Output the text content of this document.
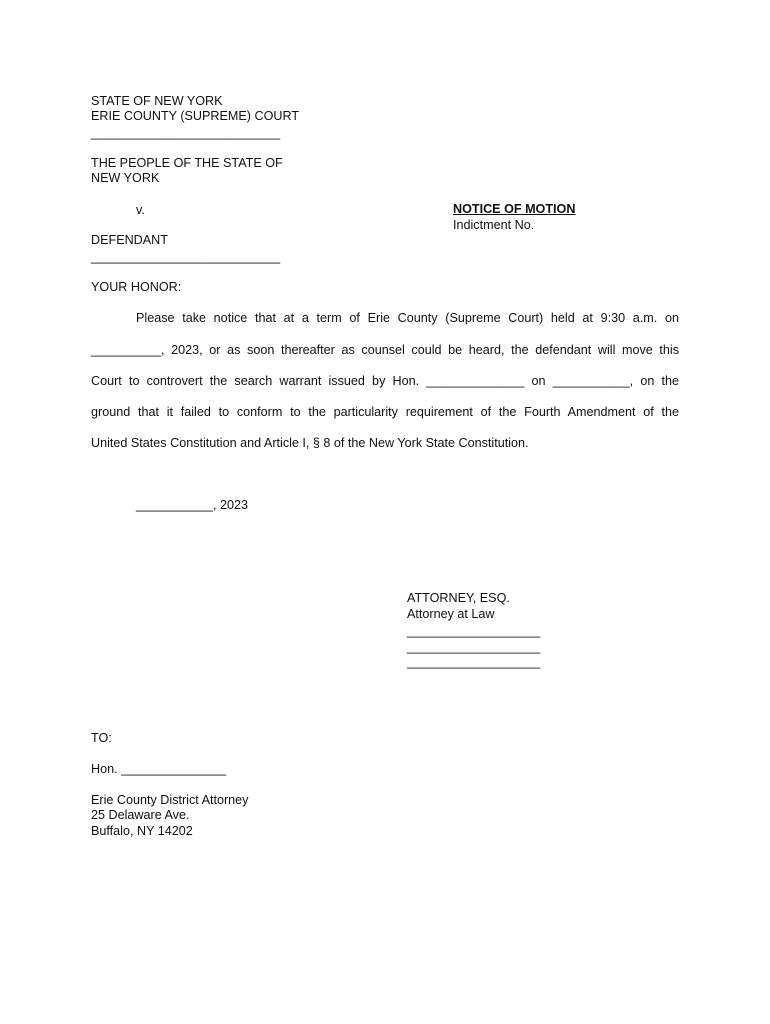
STATE OF NEW YORK
ERIE COUNTY (SUPREME) COURT
___________________________
THE PEOPLE OF THE STATE OF
NEW YORK
v.	NOTICE OF MOTION
Indictment No.
DEFENDANT
___________________________
YOUR HONOR:
Please take notice that at a term of Erie County (Supreme Court) held at 9:30 a.m. on
__________, 2023, or as soon thereafter as counsel could be heard, the defendant will move this
Court to controvert the search warrant issued by Hon. ______________ on ___________, on the
ground that it failed to conform to the particularity requirement of the Fourth Amendment of the
United States Constitution and Article I, § 8 of the New York State Constitution.
___________, 2023
ATTORNEY, ESQ.
Attorney at Law
___________________
___________________
___________________
TO:
Hon. _______________
Erie County District Attorney
25 Delaware Ave.
Buffalo, NY 14202
